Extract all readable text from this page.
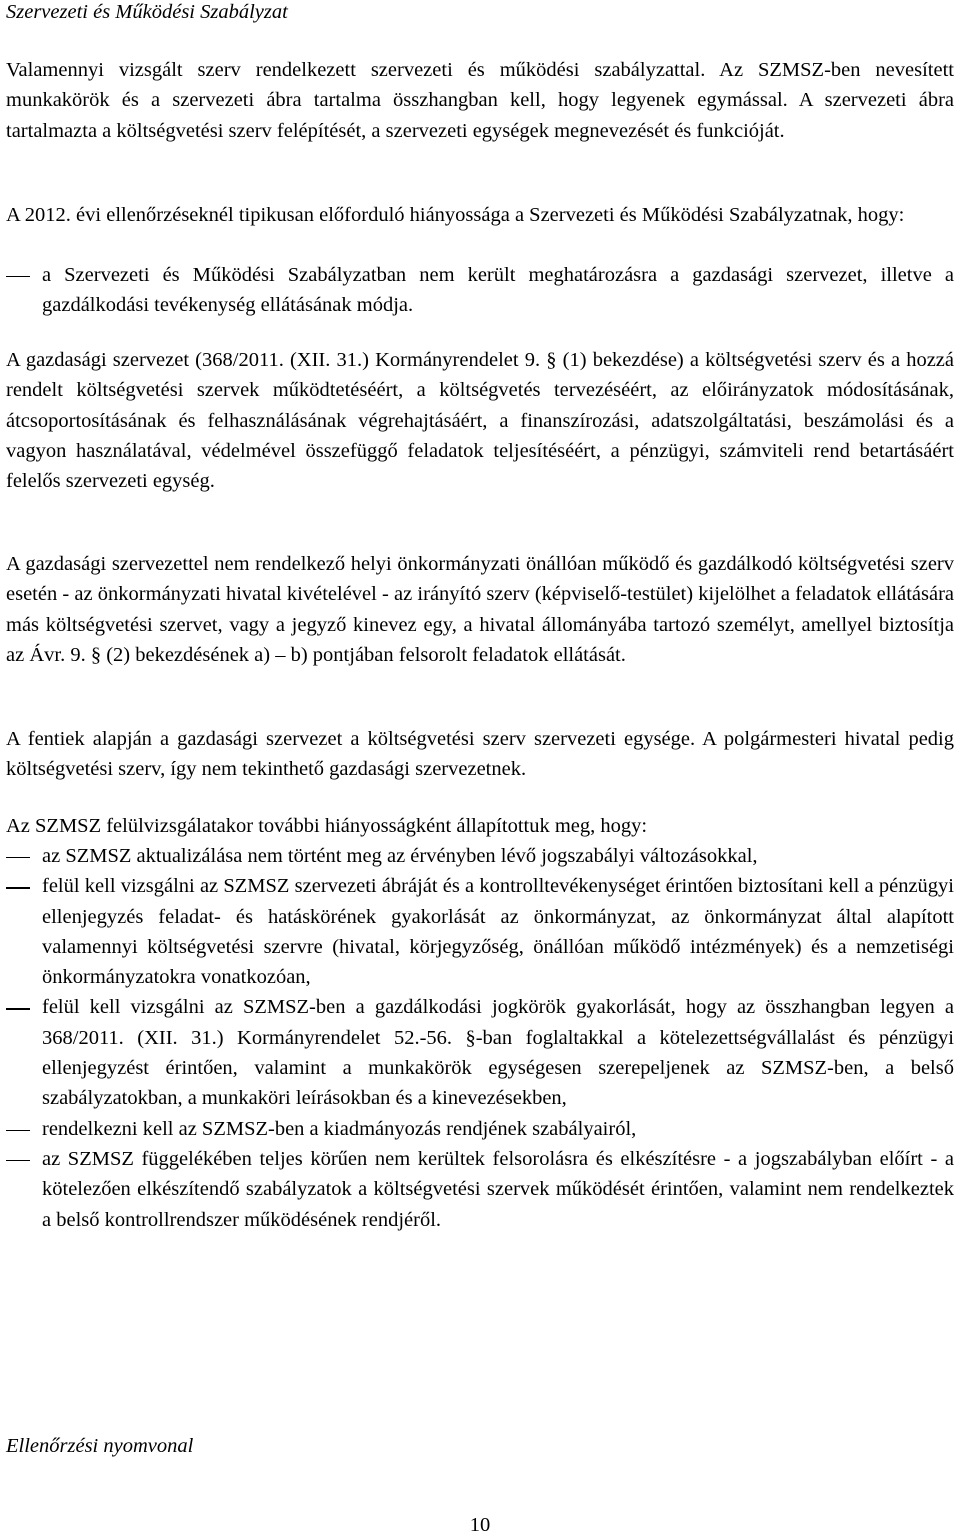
Szervezeti és Működési Szabályzat

Valamennyi vizsgált szerv rendelkezett szervezeti és működési szabályzattal. Az SZMSZ-ben nevesített munkakörök és a szervezeti ábra tartalma összhangban kell, hogy legyenek egymással. A szervezeti ábra tartalmazta a költségvetési szerv felépítését, a szervezeti egységek megnevezését és funkcióját.

A 2012. évi ellenőrzéseknél tipikusan előforduló hiányossága a Szervezeti és Működési Szabályzatnak, hogy:

a Szervezeti és Működési Szabályzatban nem került meghatározásra a gazdasági szervezet, illetve a gazdálkodási tevékenység ellátásának módja.

A gazdasági szervezet (368/2011. (XII. 31.) Kormányrendelet 9. § (1) bekezdése) a költségvetési szerv és a hozzá rendelt költségvetési szervek működtetéséért, a költségvetés tervezéséért, az előirányzatok módosításának, átcsoportosításának és felhasználásának végrehajtásáért, a finanszírozási, adatszolgáltatási, beszámolási és a vagyon használatával, védelmével összefüggő feladatok teljesítéséért, a pénzügyi, számviteli rend betartásáért felelős szervezeti egység.

A gazdasági szervezettel nem rendelkező helyi önkormányzati önállóan működő és gazdálkodó költségvetési szerv esetén - az önkormányzati hivatal kivételével - az irányító szerv (képviselő-testület) kijelölhet a feladatok ellátására más költségvetési szervet, vagy a jegyző kinevez egy, a hivatal állományába tartozó személyt, amellyel biztosítja az Ávr. 9. § (2) bekezdésének a) – b) pontjában felsorolt feladatok ellátását.

A fentiek alapján a gazdasági szervezet a költségvetési szerv szervezeti egysége. A polgármesteri hivatal pedig költségvetési szerv, így nem tekinthető gazdasági szervezetnek.

Az SZMSZ felülvizsgálatakor további hiányosságként állapítottuk meg, hogy:

az SZMSZ aktualizálása nem történt meg az érvényben lévő jogszabályi változásokkal,
felül kell vizsgálni az SZMSZ szervezeti ábráját és a kontrolltevékenységet érintően biztosítani kell a pénzügyi ellenjegyzés feladat- és hatáskörének gyakorlását az önkormányzat, az önkormányzat által alapított valamennyi költségvetési szervre (hivatal, körjegyzőség, önállóan működő intézmények) és a nemzetiségi önkormányzatokra vonatkozóan,
felül kell vizsgálni az SZMSZ-ben a gazdálkodási jogkörök gyakorlását, hogy az összhangban legyen a 368/2011. (XII. 31.) Kormányrendelet 52.-56. §-ban foglaltakkal a kötelezettségvállalást és pénzügyi ellenjegyzést érintően, valamint a munkakörök egységesen szerepeljenek az SZMSZ-ben, a belső szabályzatokban, a munkaköri leírásokban és a kinevezésekben,
rendelkezni kell az SZMSZ-ben a kiadmányozás rendjének szabályairól,
az SZMSZ függelékében teljes körűen nem kerültek felsorolásra és elkészítésre - a jogszabályban előírt - a kötelezően elkészítendő szabályzatok a költségvetési szervek működését érintően, valamint nem rendelkeztek a belső kontrollrendszer működésének rendjéről.

Ellenőrzési nyomvonal

10
